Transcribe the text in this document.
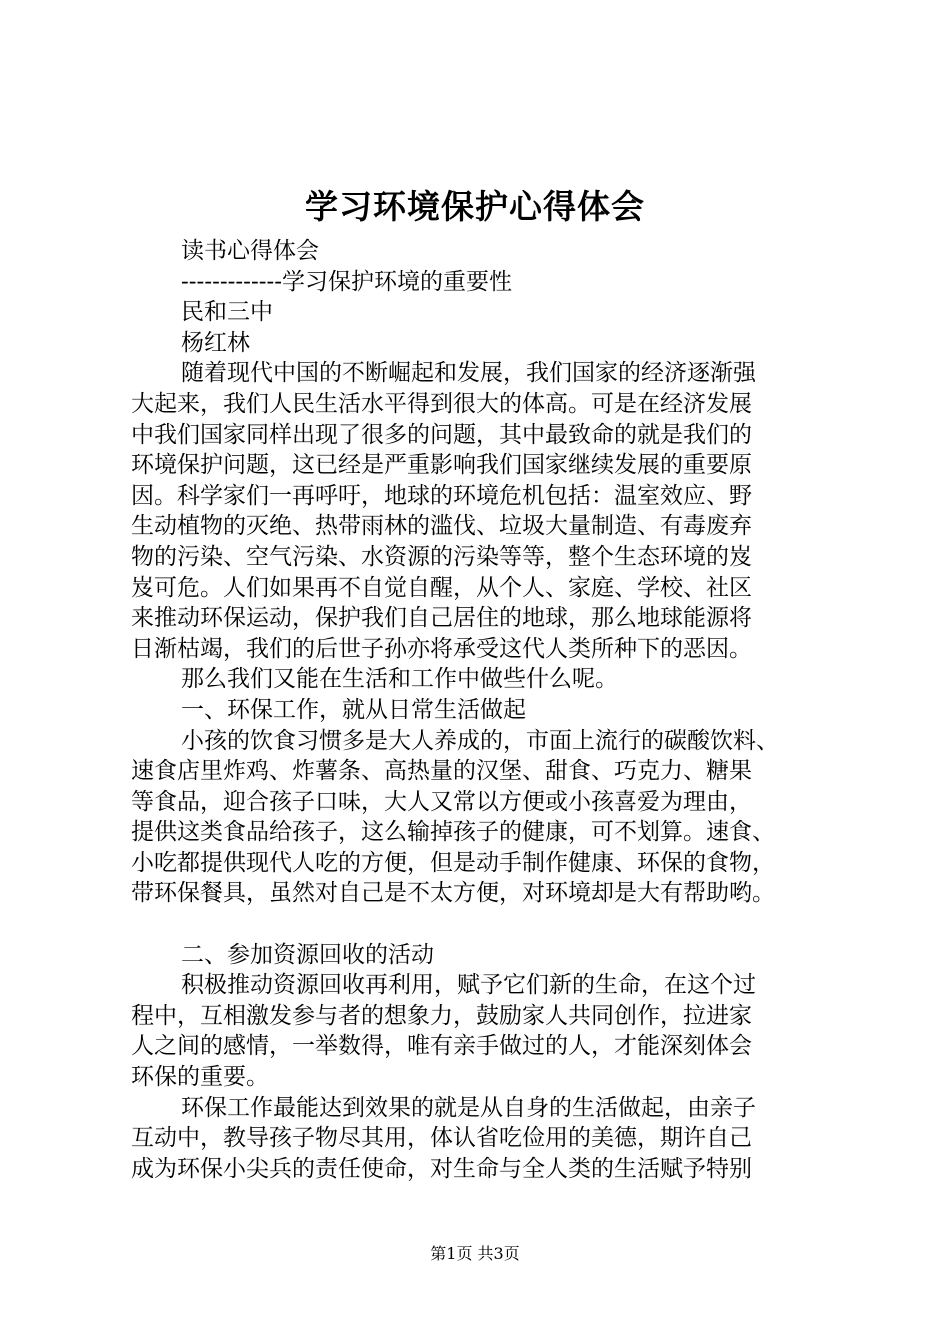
学习环境保护心得体会
读书心得体会
-------------学习保护环境的重要性
民和三中
杨红林
随着现代中国的不断崛起和发展，我们国家的经济逐渐强
大起来，我们人民生活水平得到很大的体高。可是在经济发展
中我们国家同样出现了很多的问题，其中最致命的就是我们的
环境保护问题，这已经是严重影响我们国家继续发展的重要原
因。科学家们一再呼吁，地球的环境危机包括：温室效应、野
生动植物的灭绝、热带雨林的滥伐、垃圾大量制造、有毒废弃
物的污染、空气污染、水资源的污染等等，整个生态环境的岌
岌可危。人们如果再不自觉自醒，从个人、家庭、学校、社区
来推动环保运动，保护我们自己居住的地球，那么地球能源将
日渐枯竭，我们的后世子孙亦将承受这代人类所种下的恶因。
那么我们又能在生活和工作中做些什么呢。
一、环保工作，就从日常生活做起
小孩的饮食习惯多是大人养成的，市面上流行的碳酸饮料、
速食店里炸鸡、炸薯条、高热量的汉堡、甜食、巧克力、糖果
等食品，迎合孩子口味，大人又常以方便或小孩喜爱为理由，
提供这类食品给孩子，这么输掉孩子的健康，可不划算。速食、
小吃都提供现代人吃的方便，但是动手制作健康、环保的食物，
带环保餐具，虽然对自己是不太方便，对环境却是大有帮助哟。
二、参加资源回收的活动
积极推动资源回收再利用，赋予它们新的生命，在这个过
程中，互相激发参与者的想象力，鼓励家人共同创作，拉进家
人之间的感情，一举数得，唯有亲手做过的人，才能深刻体会
环保的重要。
环保工作最能达到效果的就是从自身的生活做起，由亲子
互动中，教导孩子物尽其用，体认省吃俭用的美德，期许自己
成为环保小尖兵的责任使命，对生命与全人类的生活赋予特别
第1页 共3页
